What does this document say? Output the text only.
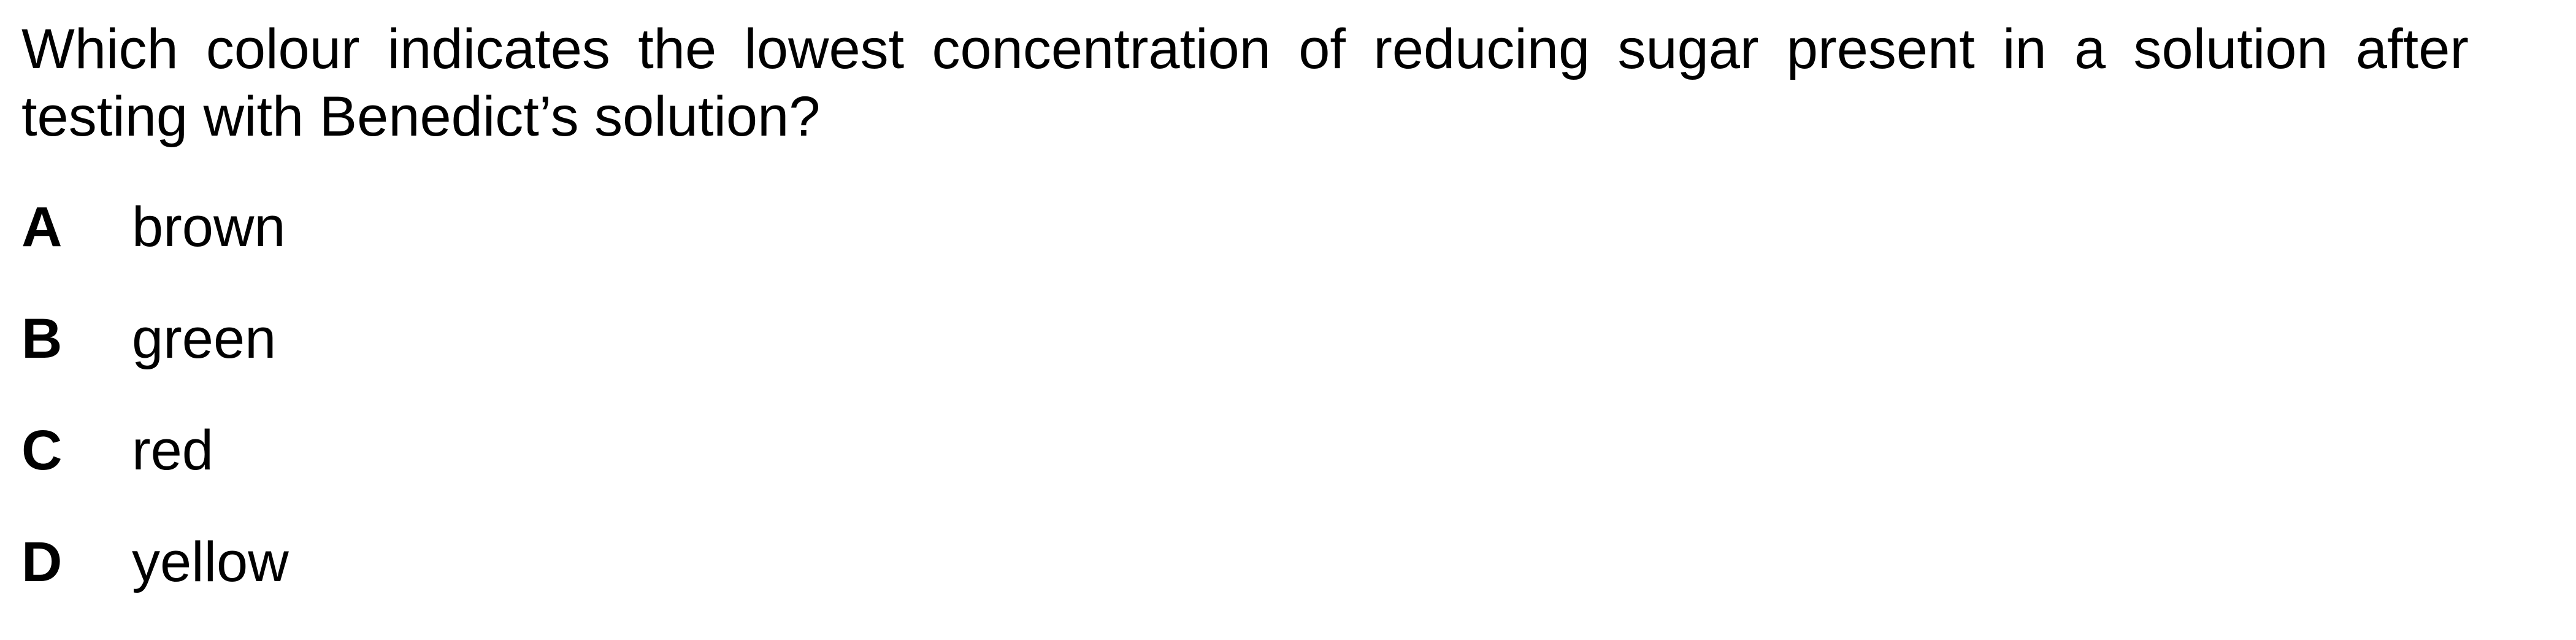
Which colour indicates the lowest concentration of reducing sugar present in a solution after testing with Benedict’s solution?

A	brown
B	green
C	red
D	yellow
